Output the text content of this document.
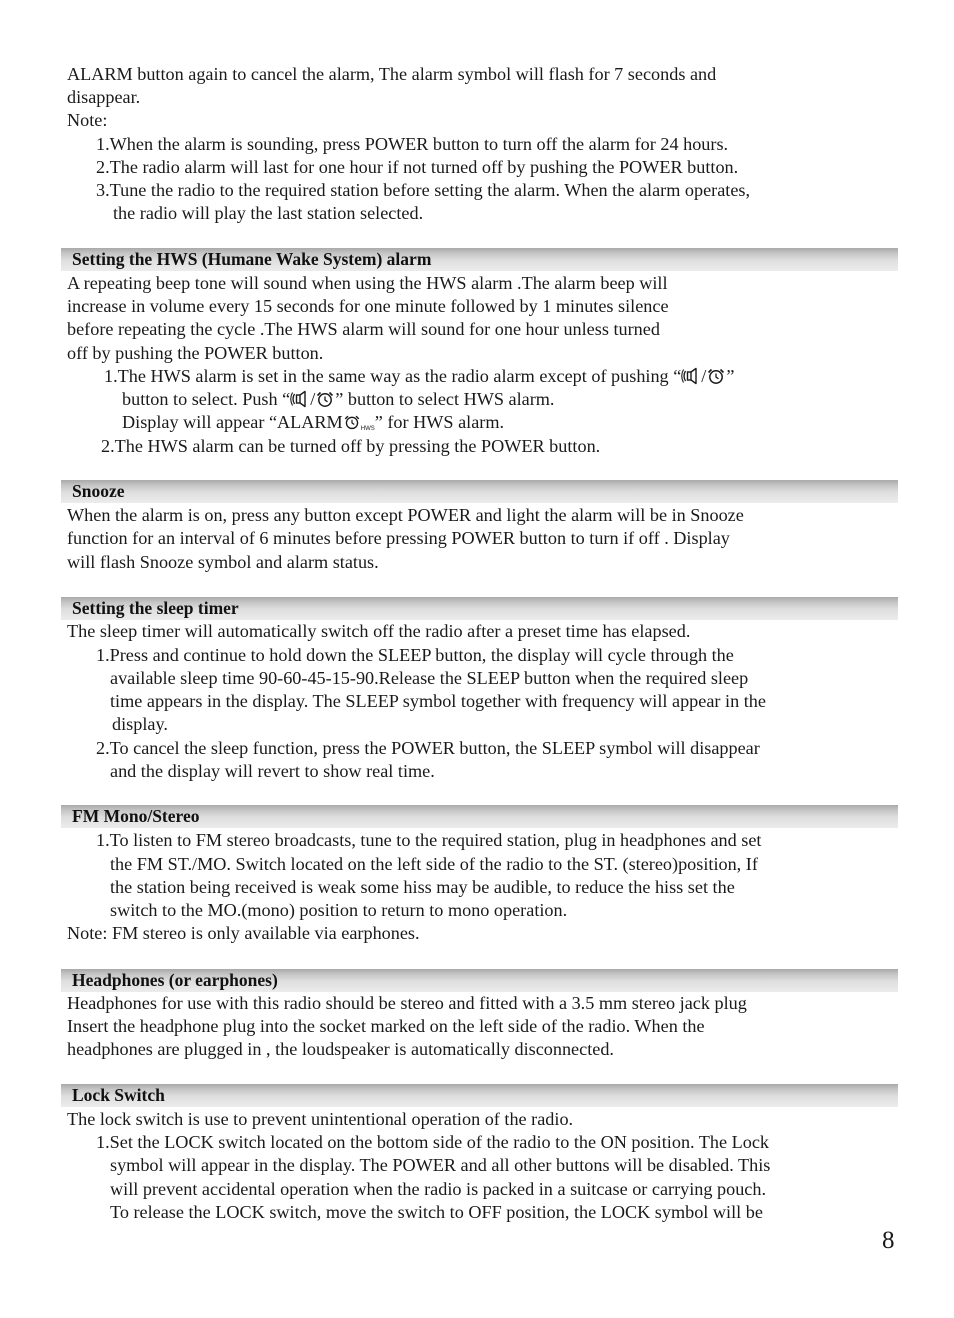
ALARM button again to cancel the alarm, The alarm symbol will flash for 7 seconds and
disappear.
Note:
1.When the alarm is sounding, press POWER button to turn off the alarm for 24 hours.
2.The radio alarm will last for one hour if not turned off by pushing the POWER button.
3.Tune the radio to the required station before setting the alarm. When the alarm operates,
the radio will play the last station selected.
Setting the HWS (Humane Wake System) alarm
A repeating beep tone will sound when using the HWS alarm .The alarm beep will
increase in volume every 15 seconds for one minute followed by 1 minutes silence
before repeating the cycle .The HWS alarm will sound for one hour unless turned
off by pushing the POWER button.
1.The HWS alarm is set in the same way as the radio alarm except of pushing “ / ”
button to select. Push “ / ” button to select HWS alarm.
Display will appear “ALARM	HWS” for HWS alarm.
2.The HWS alarm can be turned off by pressing the POWER button.
Snooze
When the alarm is on, press any button except POWER and light the alarm will be in Snooze
function for an interval of 6 minutes before pressing POWER button to turn if off . Display
will flash Snooze symbol and alarm status.
Setting the sleep timer
The sleep timer will automatically switch off the radio after a preset time has elapsed.
1.Press and continue to hold down the SLEEP button, the display will cycle through the
available sleep time 90-60-45-15-90.Release the SLEEP button when the required sleep
time appears in the display. The SLEEP symbol together with frequency will appear in the
display.
2.To cancel the sleep function, press the POWER button, the SLEEP symbol will disappear
and the display will revert to show real time.
FM Mono/Stereo
1.To listen to FM stereo broadcasts, tune to the required station, plug in headphones and set
the FM ST./MO. Switch located on the left side of the radio to the ST. (stereo)position, If
the station being received is weak some hiss may be audible, to reduce the hiss set the
switch to the MO.(mono) position to return to mono operation.
Note: FM stereo is only available via earphones.
Headphones (or earphones)
Headphones for use with this radio should be stereo and fitted with a 3.5 mm stereo jack plug
Insert the headphone plug into the socket marked on the left side of the radio. When the
headphones are plugged in , the loudspeaker is automatically disconnected.
Lock Switch
The lock switch is use to prevent unintentional operation of the radio.
1.Set the LOCK switch located on the bottom side of the radio to the ON position. The Lock
symbol will appear in the display. The POWER and all other buttons will be disabled. This
will prevent accidental operation when the radio is packed in a suitcase or carrying pouch.
To release the LOCK switch, move the switch to OFF position, the LOCK symbol will be
8
